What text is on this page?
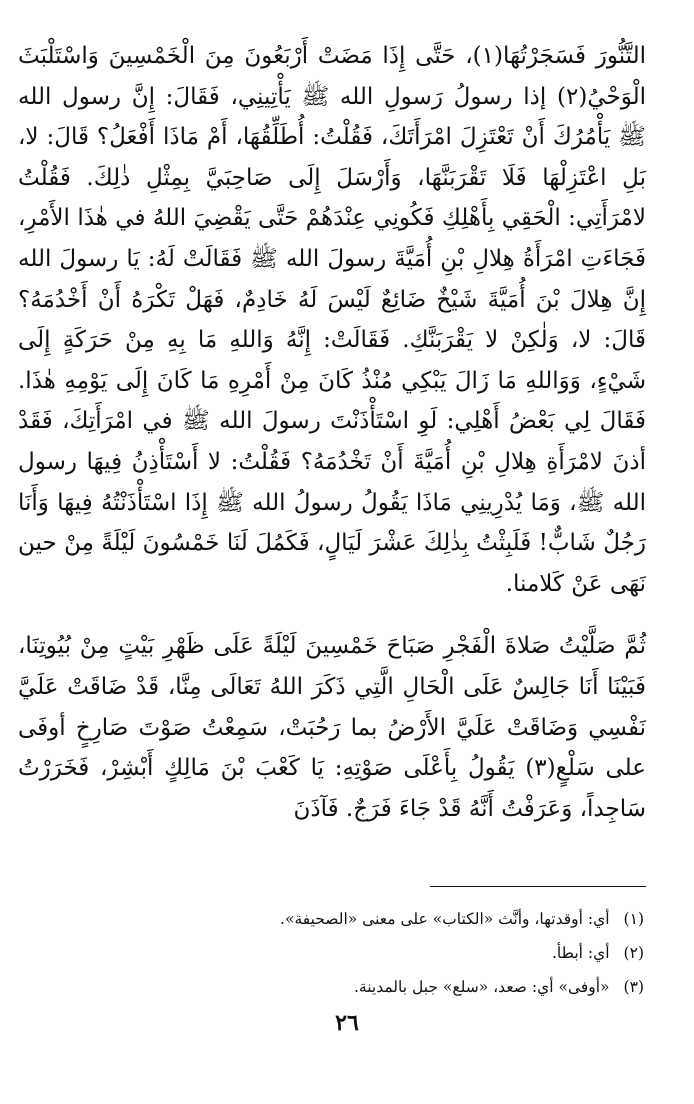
التَّنُّورَ فَسَجَرْتُهَا(١)، حَتَّى إِذَا مَضَتْ أَرْبَعُونَ مِنَ الْخَمْسِينَ وَاسْتَلْبَثَ الْوَحْيُ(٢) إذا رسولُ رَسولِ الله ﷺ يَأْتِينِي، فَقَالَ: إِنَّ رسول الله ﷺ يَأْمُرُكَ أَنْ تَعْتَزِلَ امْرَأَتَكَ، فَقُلْتُ: أُطَلِّقُهَا، أَمْ مَاذَا أَفْعَلُ؟ قَالَ: لا، بَلِ اعْتَزِلْهَا فَلَا تَقْرَبَنَّهَا، وَأَرْسَلَ إِلَى صَاحِبَيَّ بِمِثْلِ ذٰلِكَ. فَقُلْتُ لامْرَأَتِي: الْحَقِي بِأَهْلِكِ فَكُونِي عِنْدَهُمْ حَتَّى يَقْضِيَ اللهُ في هٰذَا الأَمْرِ، فَجَاءَتِ امْرَأَةُ هِلالِ بْنِ أُمَيَّةَ رسولَ الله ﷺ فَقَالَتْ لَهُ: يَا رسولَ الله إِنَّ هِلالَ بْنَ أُمَيَّةَ شَيْخٌ ضَائِعٌ لَيْسَ لَهُ خَادِمٌ، فَهَلْ تَكْرَهُ أَنْ أَخْدُمَهُ؟ قَالَ: لا، وَلٰكِنْ لا يَقْرَبَنَّكِ. فَقَالَتْ: إِنَّهُ وَاللهِ مَا بِهِ مِنْ حَرَكَةٍ إِلَى شَيْءٍ، وَوَاللهِ مَا زَالَ يَبْكِي مُنْذُ كَانَ مِنْ أَمْرِهِ مَا كَانَ إِلَى يَوْمِهِ هٰذَا. فَقَالَ لِي بَعْضُ أَهْلِي: لَوِ اسْتَأْذَنْتَ رسولَ الله ﷺ في امْرَأَتِكَ، فَقَدْ أذنَ لامْرَأَةِ هِلالِ بْنِ أُمَيَّةَ أَنْ تَخْدُمَهُ؟ فَقُلْتُ: لا أَسْتَأْذِنُ فِيهَا رسول الله ﷺ، وَمَا يُدْرِينِي مَاذَا يَقُولُ رسولُ الله ﷺ إِذَا اسْتَأْذَنْتُهُ فِيهَا وَأَنَا رَجُلٌ شَابٌّ! فَلَبِثْتُ بِذٰلِكَ عَشْرَ لَيَالٍ، فَكَمُلَ لَنَا خَمْسُونَ لَيْلَةً مِنْ حين نَهَى عَنْ كَلامنا.

ثُمَّ صَلَّيْتُ صَلاةَ الْفَجْرِ صَبَاحَ خَمْسِينَ لَيْلَةً عَلَى ظَهْرِ بَيْتٍ مِنْ بُيُوتِنَا، فَبَيْنَا أَنَا جَالِسٌ عَلَى الْحَالِ الَّتِي ذَكَرَ اللهُ تَعَالَى مِنَّا، قَدْ ضَاقَتْ عَلَيَّ نَفْسِي وَضَاقَتْ عَلَيَّ الأَرْضُ بما رَحُبَتْ، سَمِعْتُ صَوْتَ صَارِخٍ أوفَى على سَلْعٍ(٣) يَقُولُ بِأَعْلَى صَوْتِهِ: يَا كَعْبَ بْنَ مَالِكٍ أَبْشِرْ، فَخَرَرْتُ سَاجِداً، وَعَرَفْتُ أَنَّهُ قَدْ جَاءَ فَرَجٌ. فَآذَنَ

(١)أي: أوقدتها، وأنَّث «الكتاب» على معنى «الصحيفة».
(٢)أي: أبطأ.
(٣)«أوفى» أي: صعد، «سلع» جبل بالمدينة.
٢٦
